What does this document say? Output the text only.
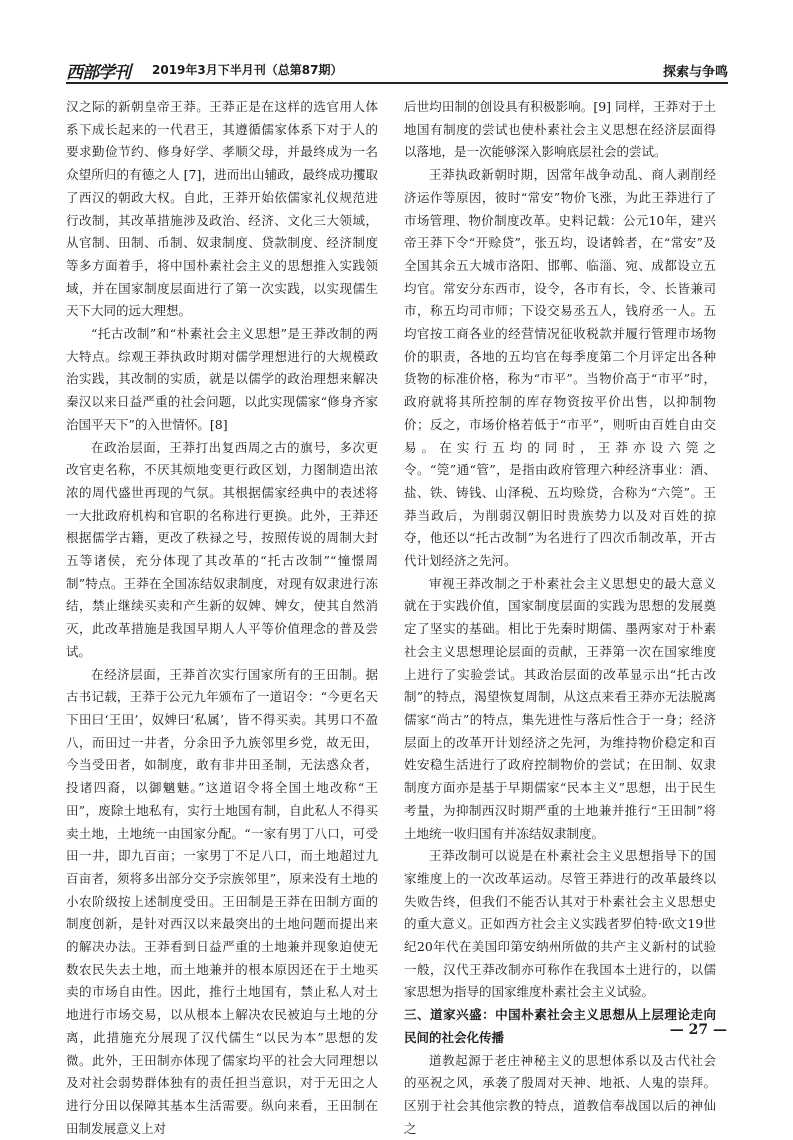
西部学刊 2019年3月下半月刊（总第87期）	探索与争鸣

汉之际的新朝皇帝王莽。王莽正是在这样的选官用人体系下成长起来的一代君王，其遵循儒家体系下对于人的要求勤俭节约、修身好学、孝顺父母，并最终成为一名众望所归的有德之人 [7]，进而出山辅政，最终成功攫取了西汉的朝政大权。自此，王莽开始依儒家礼仪规范进行改制，其改革措施涉及政治、经济、文化三大领域，从官制、田制、币制、奴隶制度、贷款制度、经济制度等多方面着手，将中国朴素社会主义的思想推入实践领域，并在国家制度层面进行了第一次实践，以实现儒生天下大同的远大理想。

“托古改制”和“朴素社会主义思想”是王莽改制的两大特点。综观王莽执政时期对儒学理想进行的大规模政治实践，其改制的实质，就是以儒学的政治理想来解决秦汉以来日益严重的社会问题，以此实现儒家“修身齐家治国平天下”的入世情怀。[8]

在政治层面，王莽打出复西周之古的旗号，多次更改官吏名称，不厌其烦地变更行政区划，力图制造出浓浓的周代盛世再现的气氛。其根据儒家经典中的表述将一大批政府机构和官职的名称进行更换。此外，王莽还根据儒学古籍，更改了秩禄之号，按照传说的周制大封五等诸侯，充分体现了其改革的“托古改制”“憧憬周制”特点。王莽在全国冻结奴隶制度，对现有奴隶进行冻结，禁止继续买卖和产生新的奴婢、婢女，使其自然消灭，此改革措施是我国早期人人平等价值理念的普及尝试。

在经济层面，王莽首次实行国家所有的王田制。据古书记载，王莽于公元九年颁布了一道诏令：“今更名天下田曰‘王田’，奴婢曰‘私属’，皆不得买卖。其男口不盈八，而田过一井者，分余田予九族邻里乡党，故无田，今当受田者，如制度，敢有非井田圣制，无法惑众者，投诸四裔，以御魑魅。”这道诏令将全国土地改称“王田”，废除土地私有，实行土地国有制，自此私人不得买卖土地，土地统一由国家分配。“一家有男丁八口，可受田一井，即九百亩；一家男丁不足八口，而土地超过九百亩者，须将多出部分交予宗族邻里”，原来没有土地的小农阶级按上述制度受田。王田制是王莽在田制方面的制度创新，是针对西汉以来最突出的土地问题而提出来的解决办法。王莽看到日益严重的土地兼并现象迫使无数农民失去土地，而土地兼并的根本原因还在于土地买卖的市场自由性。因此，推行土地国有，禁止私人对土地进行市场交易，以从根本上解决农民被迫与土地的分离，此措施充分展现了汉代儒生“以民为本”思想的发微。此外，王田制亦体现了儒家均平的社会大同理想以及对社会弱势群体独有的责任担当意识，对于无田之人进行分田以保障其基本生活需要。纵向来看，王田制在田制发展意义上对

后世均田制的创设具有积极影响。[9] 同样，王莽对于土地国有制度的尝试也使朴素社会主义思想在经济层面得以落地，是一次能够深入影响底层社会的尝试。

王莽执政新朝时期，因常年战争动乱、商人剥削经济运作等原因，彼时“常安”物价飞涨，为此王莽进行了市场管理、物价制度改革。史料记载：公元10年，建兴帝王莽下令“开赊贷”，张五均，设诸斡者，在“常安”及全国其余五大城市洛阳、邯郸、临淄、宛、成都设立五均官。常安分东西市，设令，各市有长，令、长皆兼司市，称五均司市师；下设交易丞五人，钱府丞一人。五均官按工商各业的经营情况征收税款并履行管理市场物价的职责，各地的五均官在每季度第二个月评定出各种货物的标准价格，称为“市平”。当物价高于“市平”时，政府就将其所控制的库存物资按平价出售，以抑制物价；反之，市场价格若低于“市平”，则听由百姓自由交易。在实行五均的同时，王莽亦设六筦之令。“筦”通“管”，是指由政府管理六种经济事业：酒、盐、铁、铸钱、山泽税、五均赊贷，合称为“六筦”。王莽当政后，为削弱汉朝旧时贵族势力以及对百姓的掠夺，他还以“托古改制”为名进行了四次币制改革，开古代计划经济之先河。

审视王莽改制之于朴素社会主义思想史的最大意义就在于实践价值，国家制度层面的实践为思想的发展奠定了坚实的基础。相比于先秦时期儒、墨两家对于朴素社会主义思想理论层面的贡献，王莽第一次在国家维度上进行了实验尝试。其政治层面的改革显示出“托古改制”的特点，渴望恢复周制，从这点来看王莽亦无法脱离儒家“尚古”的特点，集先进性与落后性合于一身；经济层面上的改革开计划经济之先河，为维持物价稳定和百姓安稳生活进行了政府控制物价的尝试；在田制、奴隶制度方面亦是基于早期儒家“民本主义”思想，出于民生考量，为抑制西汉时期严重的土地兼并推行“王田制”将土地统一收归国有并冻结奴隶制度。

王莽改制可以说是在朴素社会主义思想指导下的国家维度上的一次改革运动。尽管王莽进行的改革最终以失败告终，但我们不能否认其对于朴素社会主义思想史的重大意义。正如西方社会主义实践者罗伯特·欧文19世纪20年代在美国印第安纳州所做的共产主义新村的试验一般，汉代王莽改制亦可称作在我国本土进行的，以儒家思想为指导的国家维度朴素社会主义试验。

三、道家兴盛：中国朴素社会主义思想从上层理论走向民间的社会化传播

道教起源于老庄神秘主义的思想体系以及古代社会的巫祝之风，承袭了殷周对天神、地祇、人鬼的崇拜。区别于社会其他宗教的特点，道教信奉战国以后的神仙之

— 27 —
